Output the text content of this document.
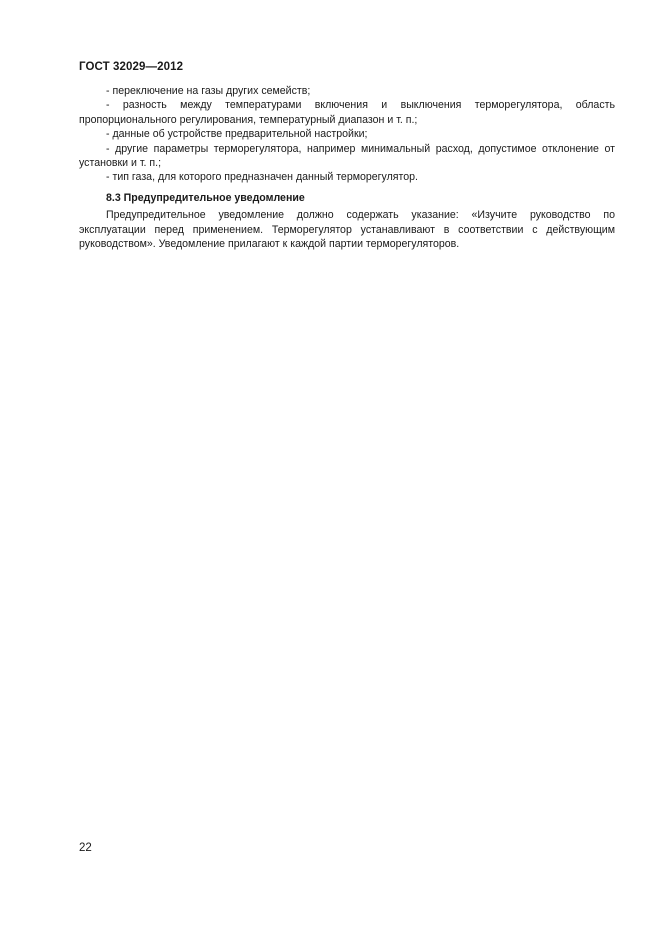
ГОСТ 32029—2012

- переключение на газы других семейств;

- разность между температурами включения и выключения терморегулятора, область пропорционального регулирования, температурный диапазон и т. п.;

- данные об устройстве предварительной настройки;

- другие параметры терморегулятора, например минимальный расход, допустимое отклонение от установки и т. п.;

- тип газа, для которого предназначен данный терморегулятор.

8.3 Предупредительное уведомление

Предупредительное уведомление должно содержать указание: «Изучите руководство по эксплуатации перед применением. Терморегулятор устанавливают в соответствии с действующим руководством». Уведомление прилагают к каждой партии терморегуляторов.

22
